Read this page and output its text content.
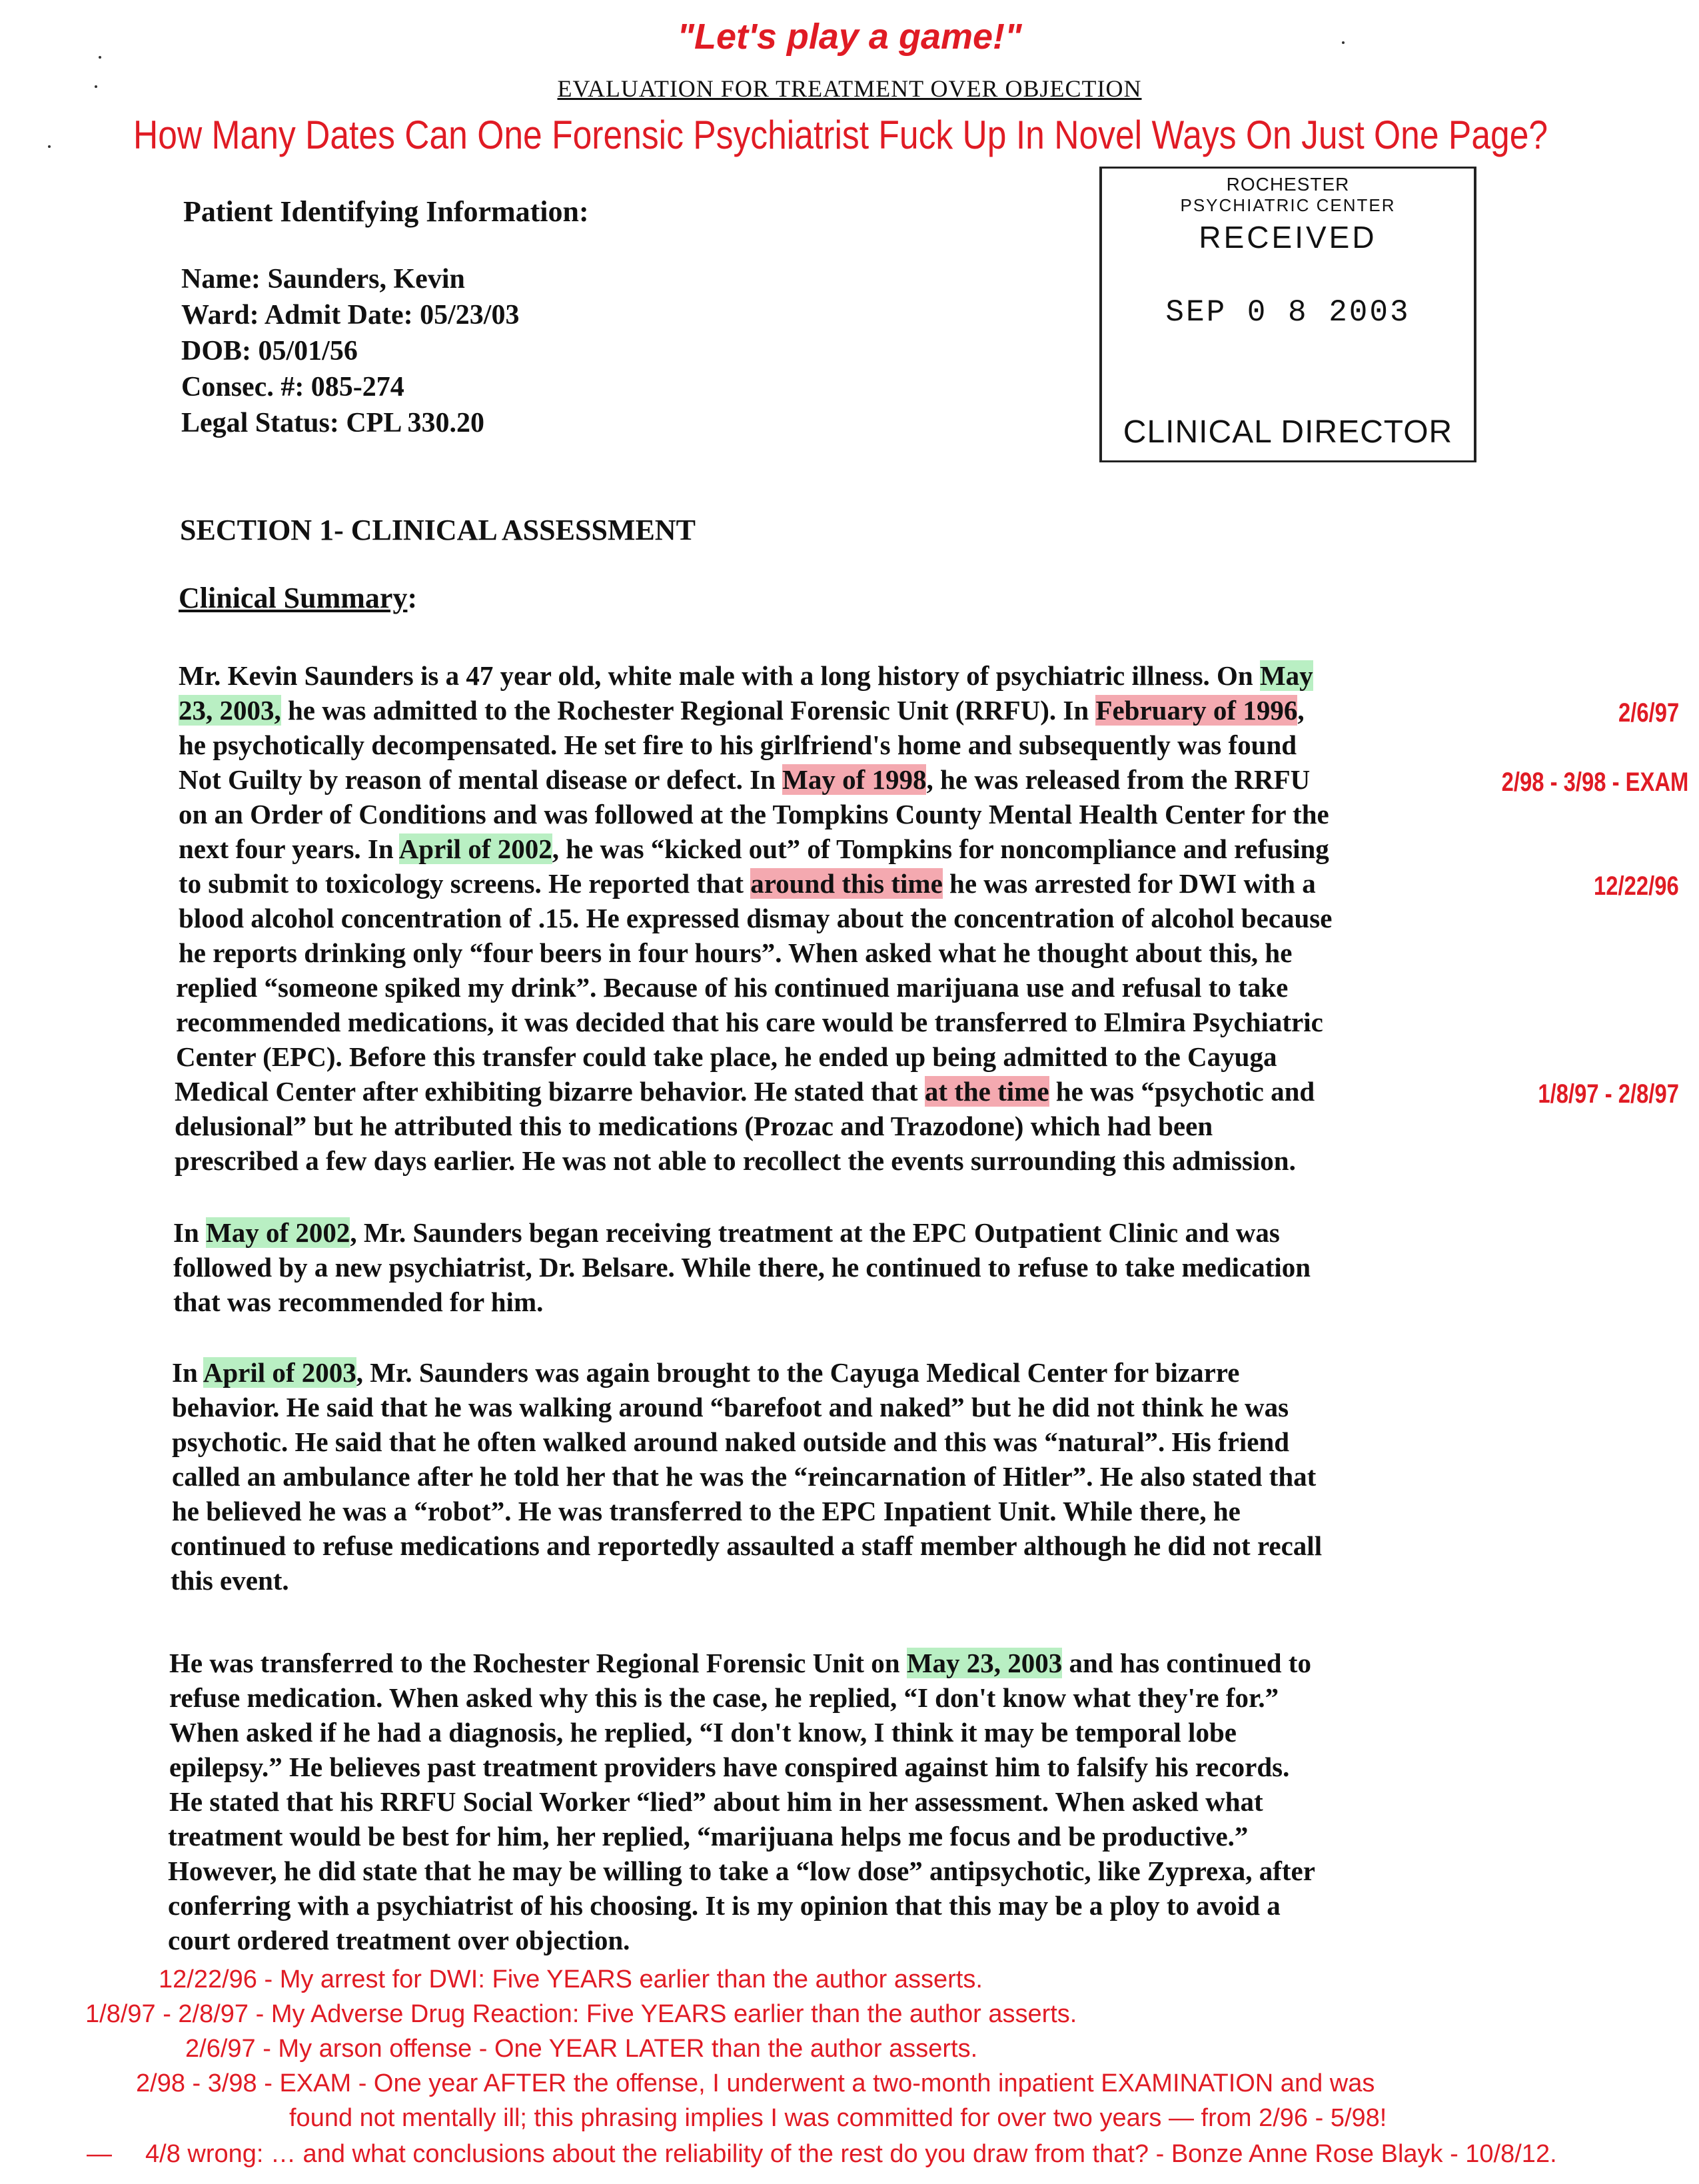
"Let's play a game!"
EVALUATION FOR TREATMENT OVER OBJECTION
How Many Dates Can One Forensic Psychiatrist Fuck Up In Novel Ways On Just One Page?
Patient Identifying Information:
Name: Saunders, Kevin
Ward: Admit Date: 05/23/03
DOB: 05/01/56
Consec. #: 085-274
Legal Status: CPL 330.20
ROCHESTER
PSYCHIATRIC CENTER
RECEIVED
SEP 0 8 2003
CLINICAL DIRECTOR
SECTION 1- CLINICAL ASSESSMENT
Clinical Summary:
Mr. Kevin Saunders is a 47 year old, white male with a long history of psychiatric illness. On May
23, 2003, he was admitted to the Rochester Regional Forensic Unit (RRFU). In February of 1996,
he psychotically decompensated. He set fire to his girlfriend's home and subsequently was found
Not Guilty by reason of mental disease or defect. In May of 1998, he was released from the RRFU
on an Order of Conditions and was followed at the Tompkins County Mental Health Center for the
next four years. In April of 2002, he was “kicked out” of Tompkins for noncompliance and refusing
to submit to toxicology screens. He reported that around this time he was arrested for DWI with a
blood alcohol concentration of .15. He expressed dismay about the concentration of alcohol because
he reports drinking only “four beers in four hours”. When asked what he thought about this, he
replied “someone spiked my drink”. Because of his continued marijuana use and refusal to take
recommended medications, it was decided that his care would be transferred to Elmira Psychiatric
Center (EPC). Before this transfer could take place, he ended up being admitted to the Cayuga
Medical Center after exhibiting bizarre behavior. He stated that at the time he was “psychotic and
delusional” but he attributed this to medications (Prozac and Trazodone) which had been
prescribed a few days earlier. He was not able to recollect the events surrounding this admission.
In May of 2002, Mr. Saunders began receiving treatment at the EPC Outpatient Clinic and was
followed by a new psychiatrist, Dr. Belsare. While there, he continued to refuse to take medication
that was recommended for him.
In April of 2003, Mr. Saunders was again brought to the Cayuga Medical Center for bizarre
behavior. He said that he was walking around “barefoot and naked” but he did not think he was
psychotic. He said that he often walked around naked outside and this was “natural”. His friend
called an ambulance after he told her that he was the “reincarnation of Hitler”. He also stated that
he believed he was a “robot”. He was transferred to the EPC Inpatient Unit. While there, he
continued to refuse medications and reportedly assaulted a staff member although he did not recall
this event.
He was transferred to the Rochester Regional Forensic Unit on May 23, 2003 and has continued to
refuse medication. When asked why this is the case, he replied, “I don't know what they're for.”
When asked if he had a diagnosis, he replied, “I don't know, I think it may be temporal lobe
epilepsy.” He believes past treatment providers have conspired against him to falsify his records.
He stated that his RRFU Social Worker “lied” about him in her assessment. When asked what
treatment would be best for him, her replied, “marijuana helps me focus and be productive.”
However, he did state that he may be willing to take a “low dose” antipsychotic, like Zyprexa, after
conferring with a psychiatrist of his choosing. It is my opinion that this may be a ploy to avoid a
court ordered treatment over objection.
2/6/97
2/98 - 3/98 - EXAM
12/22/96
1/8/97 - 2/8/97
12/22/96 - My arrest for DWI: Five YEARS earlier than the author asserts.
1/8/97 - 2/8/97 - My Adverse Drug Reaction: Five YEARS earlier than the author asserts.
2/6/97 - My arson offense - One YEAR LATER than the author asserts.
2/98 - 3/98 - EXAM - One year AFTER the offense, I underwent a two-month inpatient EXAMINATION and was
found not mentally ill; this phrasing implies I was committed for over two years — from 2/96 - 5/98!
— 4/8 wrong: … and what conclusions about the reliability of the rest do you draw from that? - Bonze Anne Rose Blayk - 10/8/12.
